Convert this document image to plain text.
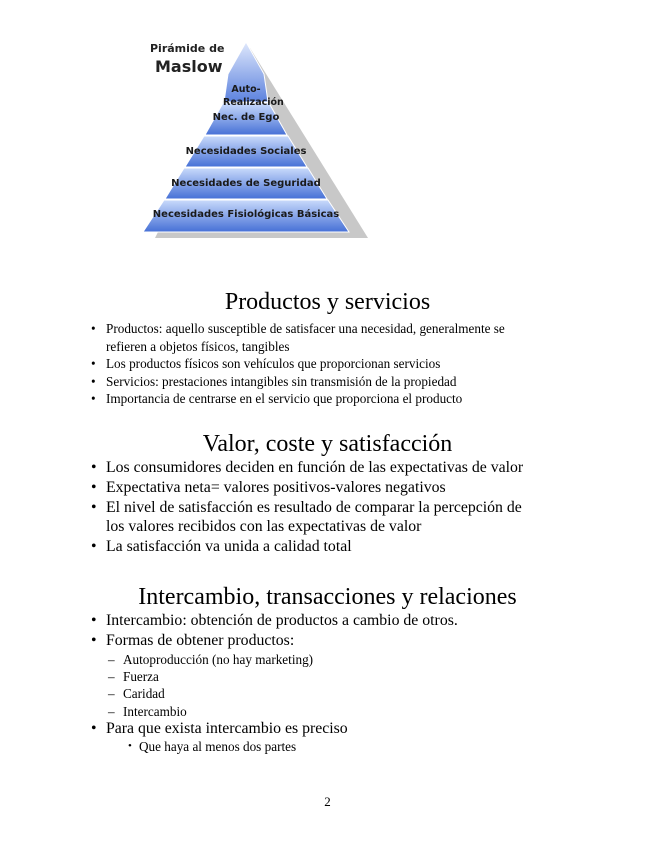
Pirámide de
Maslow

Auto-
Realización

Nec. de Ego
Necesidades Sociales
Necesidades de Seguridad
Necesidades Fisiológicas Básicas
Productos y servicios
• Productos: aquello susceptible de satisfacer una necesidad, generalmente se
refieren a objetos físicos, tangibles
• Los productos físicos son vehículos que proporcionan servicios
• Servicios: prestaciones intangibles sin transmisión de la propiedad
• Importancia de centrarse en el servicio que proporciona el producto
Valor, coste y satisfacción
• Los consumidores deciden en función de las expectativas de valor
• Expectativa neta= valores positivos-valores negativos
• El nivel de satisfacción es resultado de comparar la percepción de
los valores recibidos con las expectativas de valor
• La satisfacción va unida a calidad total
Intercambio, transacciones y relaciones
• Intercambio: obtención de productos a cambio de otros.
• Formas de obtener productos:
– Autoproducción (no hay marketing)
– Fuerza
– Caridad
– Intercambio
• Para que exista intercambio es preciso
• Que haya al menos dos partes
2
